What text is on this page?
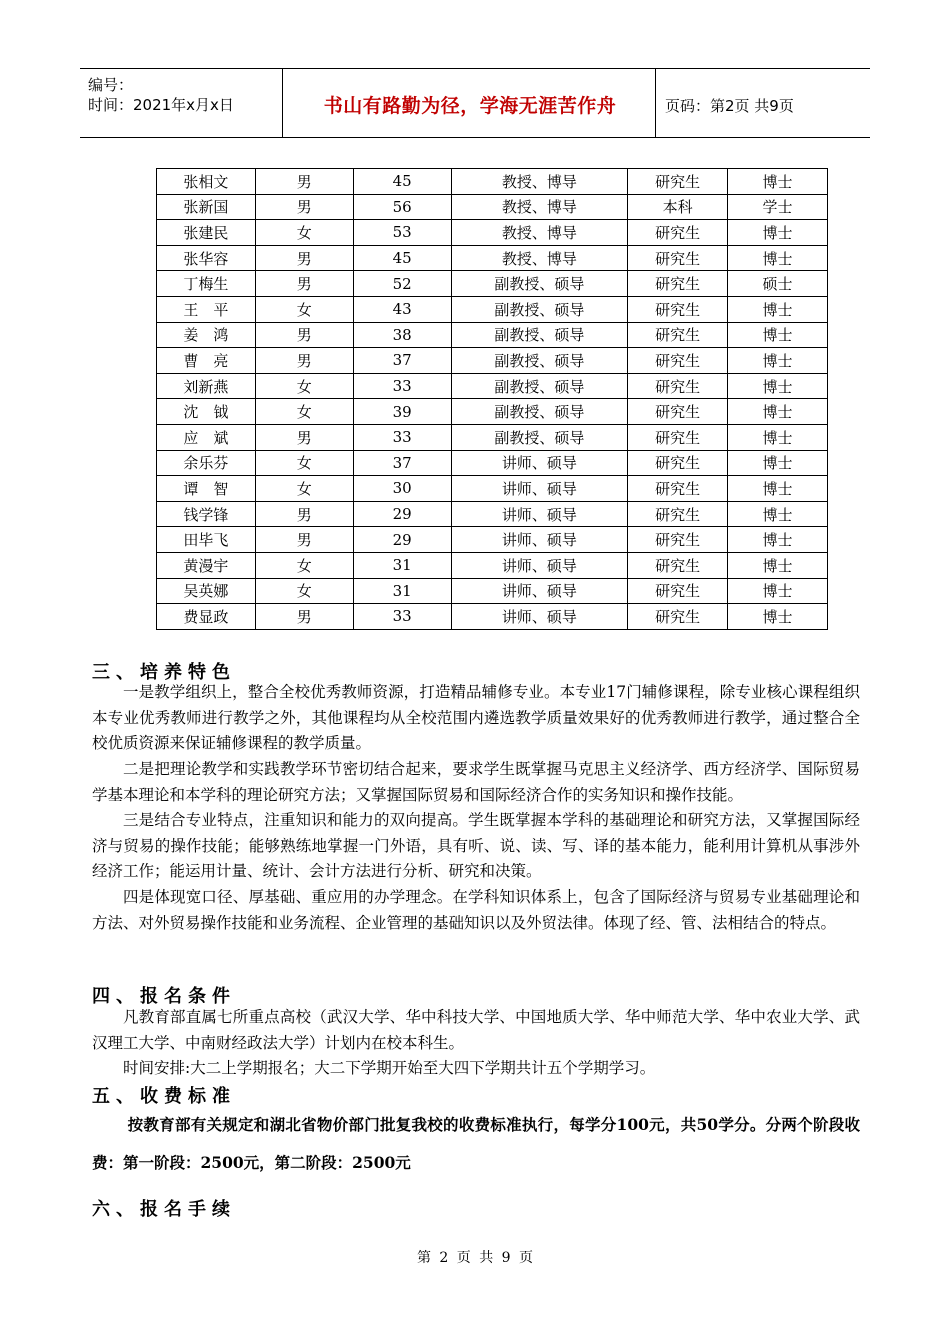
编号：
时间：2021年x月x日	书山有路勤为径，学海无涯苦作舟	页码：第2页 共9页
张相文	男	45	教授、博导	研究生	博士
张新国	男	56	教授、博导	本科	学士
张建民	女	53	教授、博导	研究生	博士
张华容	男	45	教授、博导	研究生	博士
丁梅生	男	52	副教授、硕导	研究生	硕士
王　平	女	43	副教授、硕导	研究生	博士
姜　鸿	男	38	副教授、硕导	研究生	博士
曹　亮	男	37	副教授、硕导	研究生	博士
刘新燕	女	33	副教授、硕导	研究生	博士
沈　钺	女	39	副教授、硕导	研究生	博士
应　斌	男	33	副教授、硕导	研究生	博士
余乐芬	女	37	讲师、硕导	研究生	博士
谭　智	女	30	讲师、硕导	研究生	博士
钱学锋	男	29	讲师、硕导	研究生	博士
田毕飞	男	29	讲师、硕导	研究生	博士
黄漫宇	女	31	讲师、硕导	研究生	博士
吴英娜	女	31	讲师、硕导	研究生	博士
费显政	男	33	讲师、硕导	研究生	博士
三、培养特色
一是教学组织上，整合全校优秀教师资源，打造精品辅修专业。本专业17门辅修课程，除专业核心课程组织本专业优秀教师进行教学之外，其他课程均从全校范围内遴选教学质量效果好的优秀教师进行教学，通过整合全校优质资源来保证辅修课程的教学质量。
二是把理论教学和实践教学环节密切结合起来，要求学生既掌握马克思主义经济学、西方经济学、国际贸易学基本理论和本学科的理论研究方法；又掌握国际贸易和国际经济合作的实务知识和操作技能。
三是结合专业特点，注重知识和能力的双向提高。学生既掌握本学科的基础理论和研究方法，又掌握国际经济与贸易的操作技能；能够熟练地掌握一门外语，具有听、说、读、写、译的基本能力，能利用计算机从事涉外经济工作；能运用计量、统计、会计方法进行分析、研究和决策。
四是体现宽口径、厚基础、重应用的办学理念。在学科知识体系上，包含了国际经济与贸易专业基础理论和方法、对外贸易操作技能和业务流程、企业管理的基础知识以及外贸法律。体现了经、管、法相结合的特点。
四、报名条件
凡教育部直属七所重点高校（武汉大学、华中科技大学、中国地质大学、华中师范大学、华中农业大学、武汉理工大学、中南财经政法大学）计划内在校本科生。
时间安排:大二上学期报名；大二下学期开始至大四下学期共计五个学期学习。
五、收费标准
按教育部有关规定和湖北省物价部门批复我校的收费标准执行，每学分100元，共50学分。分两个阶段收费：第一阶段：2500元，第二阶段：2500元
六、报名手续
第 2 页 共 9 页
